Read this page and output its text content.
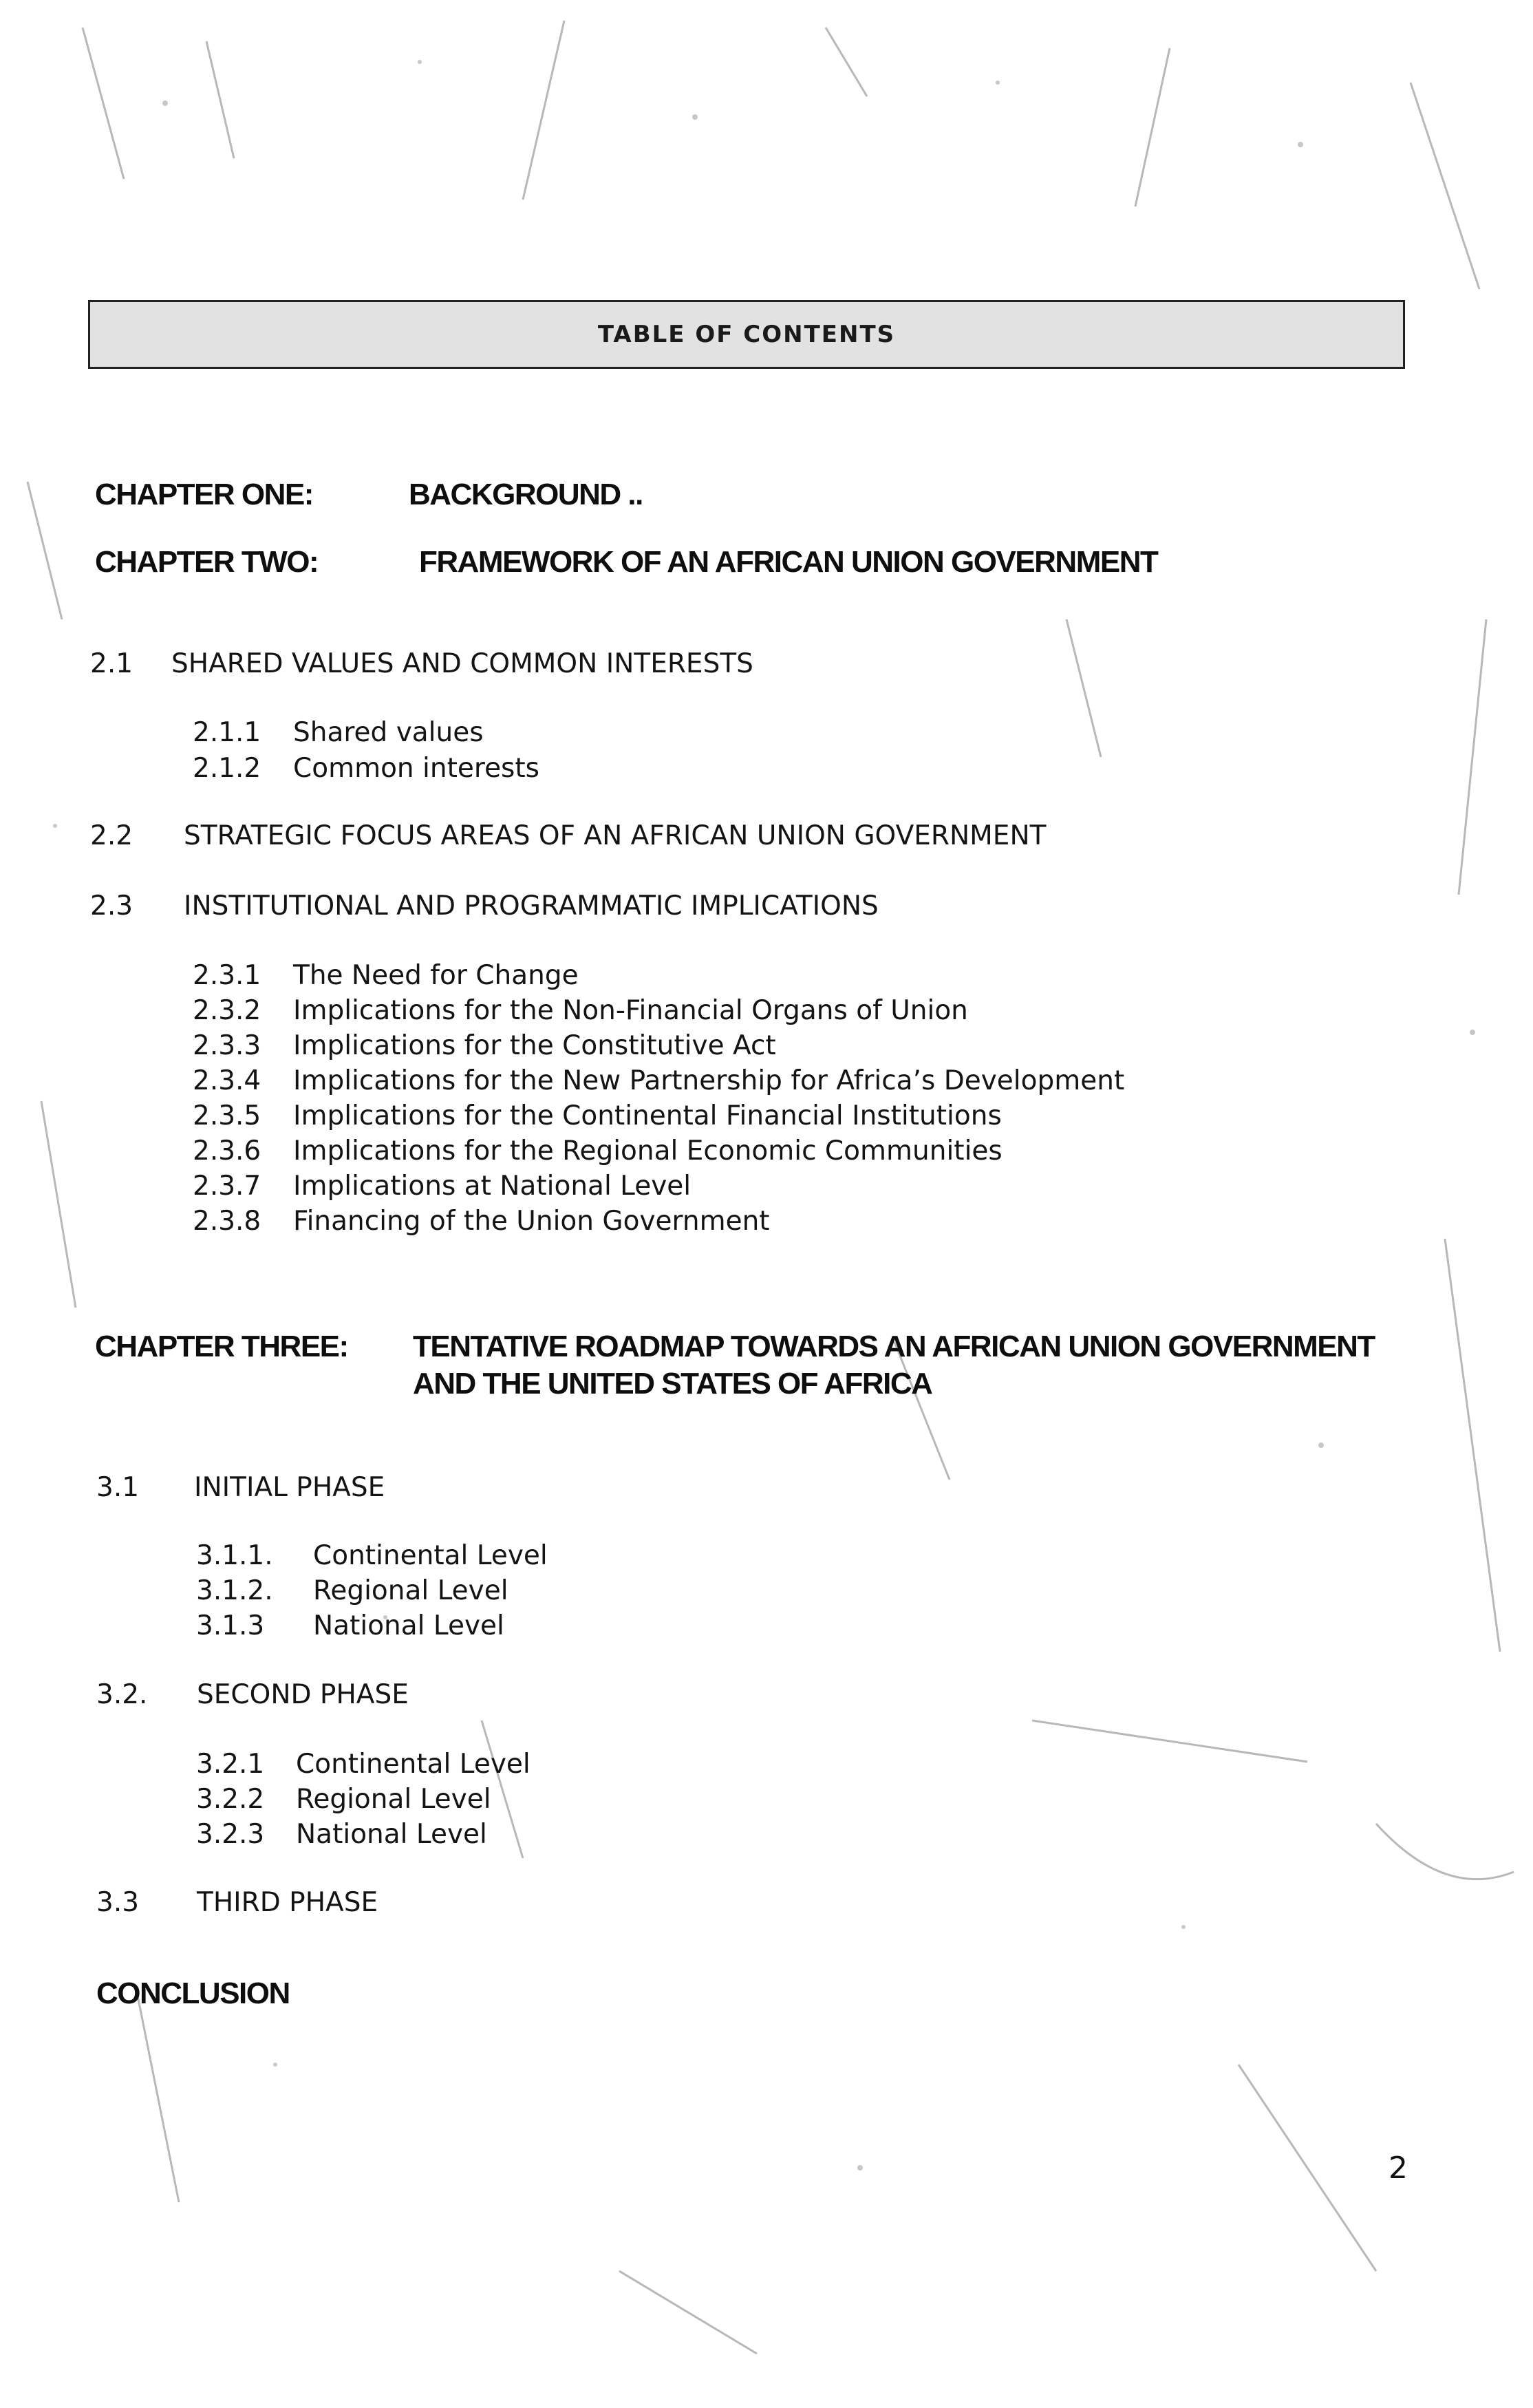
TABLE OF CONTENTS
CHAPTER ONE:	BACKGROUND ..
CHAPTER TWO:	FRAMEWORK OF AN AFRICAN UNION GOVERNMENT
2.1 SHARED VALUES AND COMMON INTERESTS
2.1.1 Shared values
2.1.2 Common interests
2.2 STRATEGIC FOCUS AREAS OF AN AFRICAN UNION GOVERNMENT
2.3 INSTITUTIONAL AND PROGRAMMATIC IMPLICATIONS
2.3.1 The Need for Change
2.3.2 Implications for the Non-Financial Organs of Union
2.3.3 Implications for the Constitutive Act
2.3.4 Implications for the New Partnership for Africa’s Development
2.3.5 Implications for the Continental Financial Institutions
2.3.6 Implications for the Regional Economic Communities
2.3.7 Implications at National Level
2.3.8 Financing of the Union Government
CHAPTER THREE: TENTATIVE ROADMAP TOWARDS AN AFRICAN UNION GOVERNMENT
AND THE UNITED STATES OF AFRICA
3.1 INITIAL PHASE
3.1.1. Continental Level
3.1.2. Regional Level
3.1.3 National Level
3.2. SECOND PHASE
3.2.1 Continental Level
3.2.2 Regional Level
3.2.3 National Level
3.3 THIRD PHASE
CONCLUSION
2
